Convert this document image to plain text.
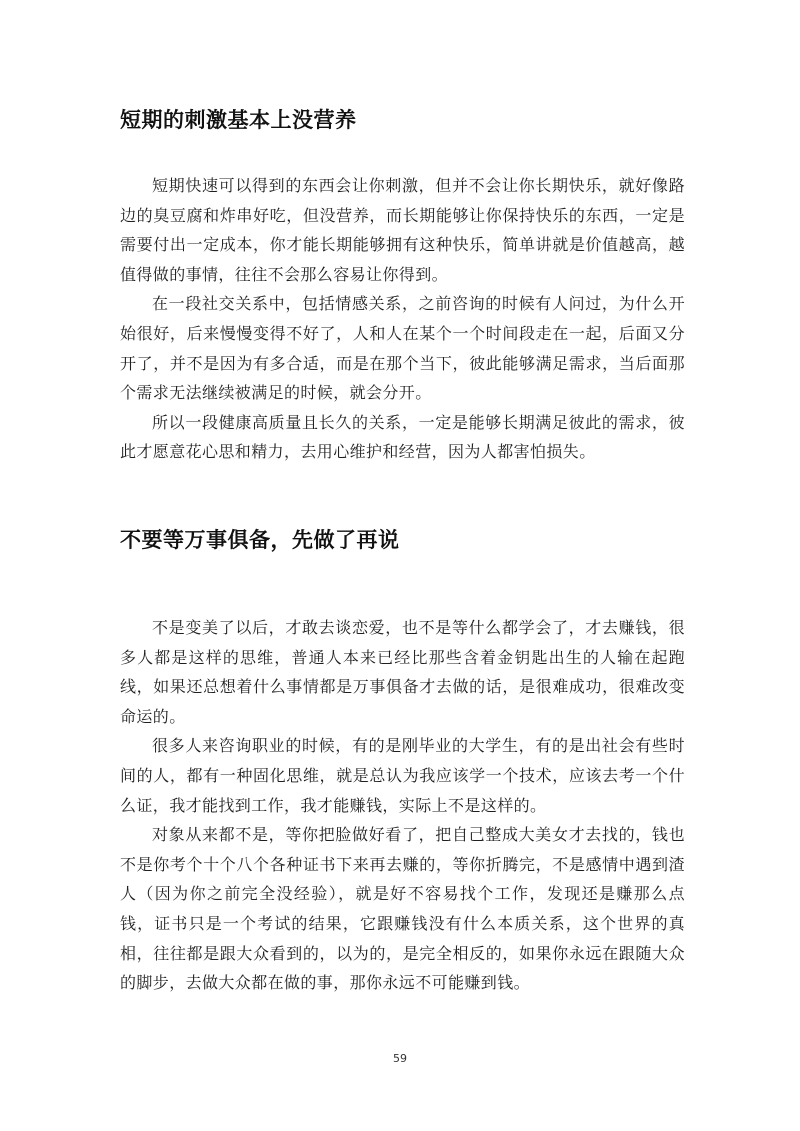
短期的刺激基本上没营养

短期快速可以得到的东西会让你刺激，但并不会让你长期快乐，就好像路边的臭豆腐和炸串好吃，但没营养，而长期能够让你保持快乐的东西，一定是需要付出一定成本，你才能长期能够拥有这种快乐，简单讲就是价值越高，越值得做的事情，往往不会那么容易让你得到。

在一段社交关系中，包括情感关系，之前咨询的时候有人问过，为什么开始很好，后来慢慢变得不好了，人和人在某个一个时间段走在一起，后面又分开了，并不是因为有多合适，而是在那个当下，彼此能够满足需求，当后面那个需求无法继续被满足的时候，就会分开。

所以一段健康高质量且长久的关系，一定是能够长期满足彼此的需求，彼此才愿意花心思和精力，去用心维护和经营，因为人都害怕损失。

不要等万事俱备，先做了再说

不是变美了以后，才敢去谈恋爱，也不是等什么都学会了，才去赚钱，很多人都是这样的思维，普通人本来已经比那些含着金钥匙出生的人输在起跑线，如果还总想着什么事情都是万事俱备才去做的话，是很难成功，很难改变命运的。

很多人来咨询职业的时候，有的是刚毕业的大学生，有的是出社会有些时间的人，都有一种固化思维，就是总认为我应该学一个技术，应该去考一个什么证，我才能找到工作，我才能赚钱，实际上不是这样的。

对象从来都不是，等你把脸做好看了，把自己整成大美女才去找的，钱也不是你考个十个八个各种证书下来再去赚的，等你折腾完，不是感情中遇到渣人（因为你之前完全没经验），就是好不容易找个工作，发现还是赚那么点钱，证书只是一个考试的结果，它跟赚钱没有什么本质关系，这个世界的真相，往往都是跟大众看到的，以为的，是完全相反的，如果你永远在跟随大众的脚步，去做大众都在做的事，那你永远不可能赚到钱。

59
